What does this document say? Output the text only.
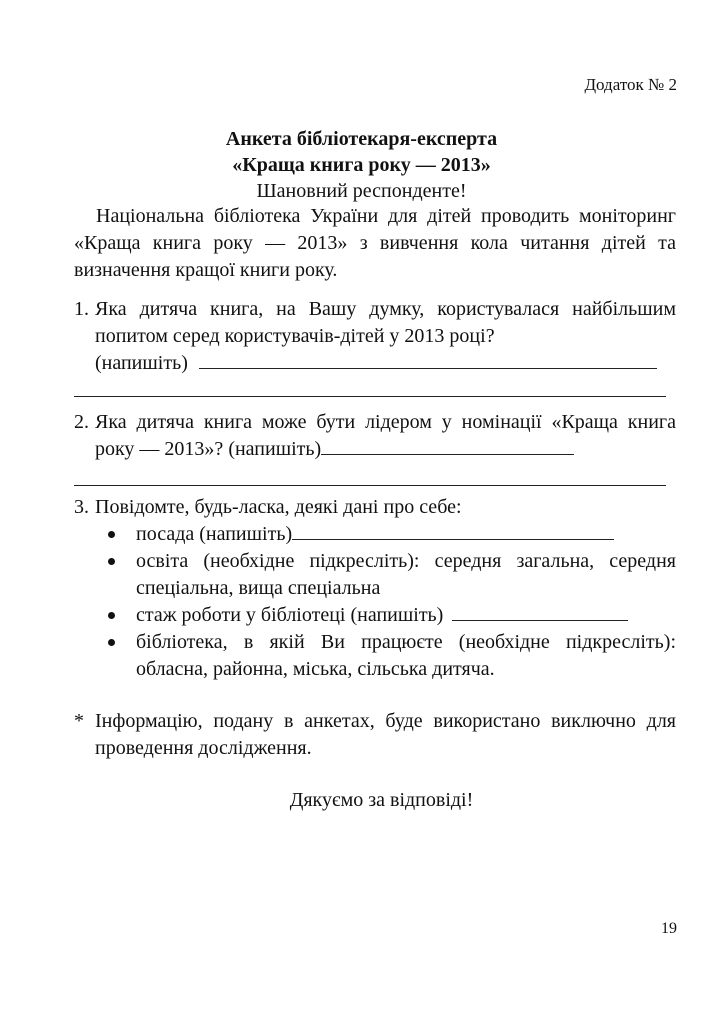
Додаток № 2
Анкета бібліотекаря-експерта
«Краща книга року — 2013»
Шановний респонденте!
Національна бібліотека України для дітей проводить моніторинг «Краща книга року — 2013» з вивчення кола читання дітей та визначення кращої книги року.
1. Яка дитяча книга, на Вашу думку, користувалася найбільшим попитом серед користувачів-дітей у 2013 році?
(напишіть)
2. Яка дитяча книга може бути лідером у номінації «Краща книга року — 2013»? (напишіть)
3. Повідомте, будь-ласка, деякі дані про себе:
посада (напишіть)
освіта (необхідне підкресліть): середня загальна, середня спеціальна, вища спеціальна
стаж роботи у бібліотеці (напишіть)
бібліотека, в якій Ви працюєте (необхідне підкресліть): обласна, районна, міська, сільська дитяча.
* Інформацію, подану в анкетах, буде використано виключно для проведення дослідження.
Дякуємо за відповіді!
19
